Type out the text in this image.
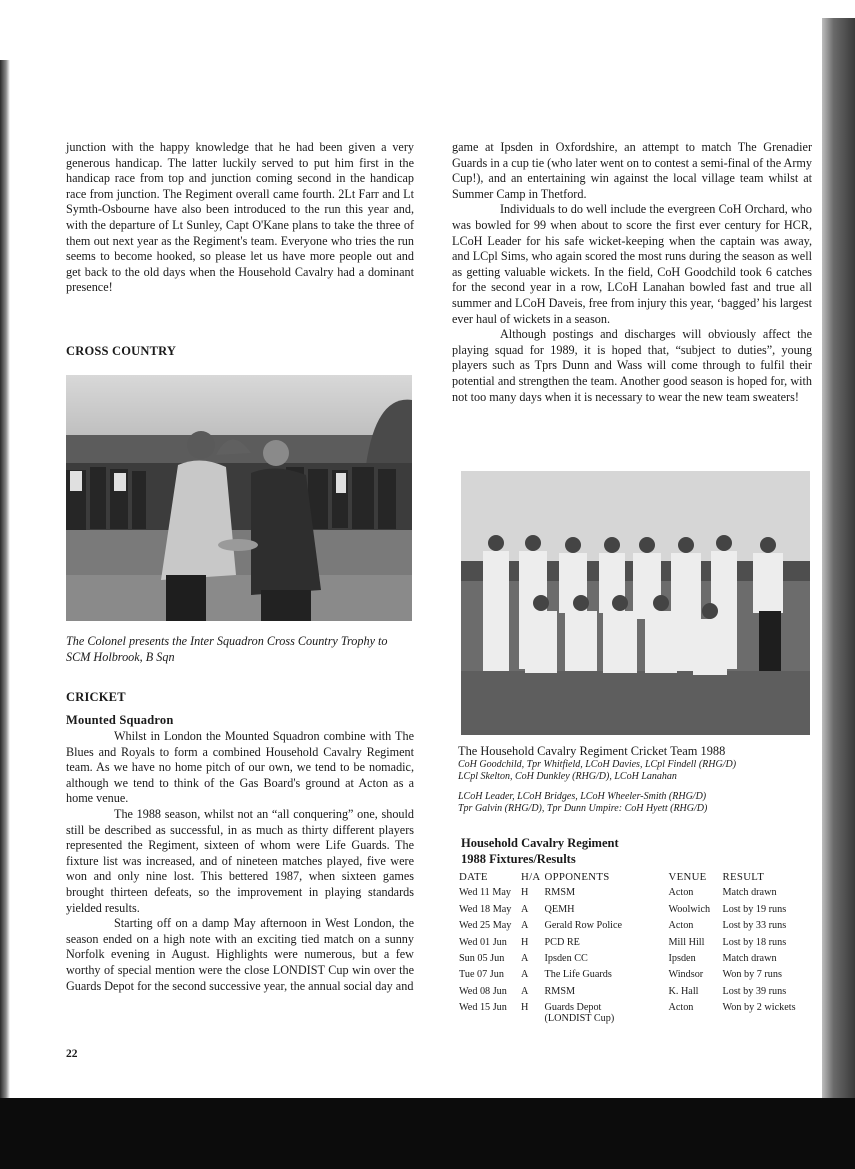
junction with the happy knowledge that he had been given a very generous handicap. The latter luckily served to put him first in the handicap race from top and junction coming second in the handicap race from junction. The Regiment overall came fourth. 2Lt Farr and Lt Symth-Osbourne have also been introduced to the run this year and, with the departure of Lt Sunley, Capt O'Kane plans to take the three of them out next year as the Regiment's team. Everyone who tries the run seems to become hooked, so please let us have more people out and get back to the old days when the Household Cavalry had a dominant presence!

CROSS COUNTRY
The Colonel presents the Inter Squadron Cross Country Trophy to SCM Holbrook, B Sqn
CRICKET
Mounted Squadron

Whilst in London the Mounted Squadron combine with The Blues and Royals to form a combined Household Cavalry Regiment team. As we have no home pitch of our own, we tend to be nomadic, although we tend to think of the Gas Board's ground at Acton as a home venue.

The 1988 season, whilst not an “all conquering” one, should still be described as successful, in as much as thirty different players represented the Regiment, sixteen of whom were Life Guards. The fixture list was increased, and of nineteen matches played, five were won and only nine lost. This bettered 1987, when sixteen games brought thirteen defeats, so the improvement in playing standards yielded results.

Starting off on a damp May afternoon in West London, the season ended on a high note with an exciting tied match on a sunny Norfolk evening in August. Highlights were numerous, but a few worthy of special mention were the close LONDIST Cup win over the Guards Depot for the second successive year, the annual social day and

game at Ipsden in Oxfordshire, an attempt to match The Grenadier Guards in a cup tie (who later went on to contest a semi-final of the Army Cup!), and an entertaining win against the local village team whilst at Summer Camp in Thetford.

Individuals to do well include the evergreen CoH Orchard, who was bowled for 99 when about to score the first ever century for HCR, LCoH Leader for his safe wicket-keeping when the captain was away, and LCpl Sims, who again scored the most runs during the season as well as getting valuable wickets. In the field, CoH Goodchild took 6 catches for the second year in a row, LCoH Lanahan bowled fast and true all summer and LCoH Daveis, free from injury this year, ‘bagged’ his largest ever haul of wickets in a season.

Although postings and discharges will obviously affect the playing squad for 1989, it is hoped that, “subject to duties”, young players such as Tprs Dunn and Wass will come through to fulfil their potential and strengthen the team. Another good season is hoped for, with not too many days when it is necessary to wear the new team sweaters!

The Household Cavalry Regiment Cricket Team 1988
CoH Goodchild, Tpr Whitfield, LCoH Davies, LCpl Findell (RHG/D)
LCpl Skelton, CoH Dunkley (RHG/D), LCoH Lanahan
LCoH Leader, LCoH Bridges, LCoH Wheeler-Smith (RHG/D)
Tpr Galvin (RHG/D), Tpr Dunn Umpire: CoH Hyett (RHG/D)
Household Cavalry Regiment
1988 Fixtures/Results
DATE	H/A	OPPONENTS	VENUE	RESULT
Wed 11 May	H	RMSM	Acton	Match drawn
Wed 18 May	A	QEMH	Woolwich	Lost by 19 runs
Wed 25 May	A	Gerald Row Police	Acton	Lost by 33 runs
Wed 01 Jun	H	PCD RE	Mill Hill	Lost by 18 runs
Sun 05 Jun	A	Ipsden CC	Ipsden	Match drawn
Tue 07 Jun	A	The Life Guards	Windsor	Won by 7 runs
Wed 08 Jun	A	RMSM	K. Hall	Lost by 39 runs
Wed 15 Jun	H	Guards Depot
(LONDIST Cup)	Acton	Won by 2 wickets
22
